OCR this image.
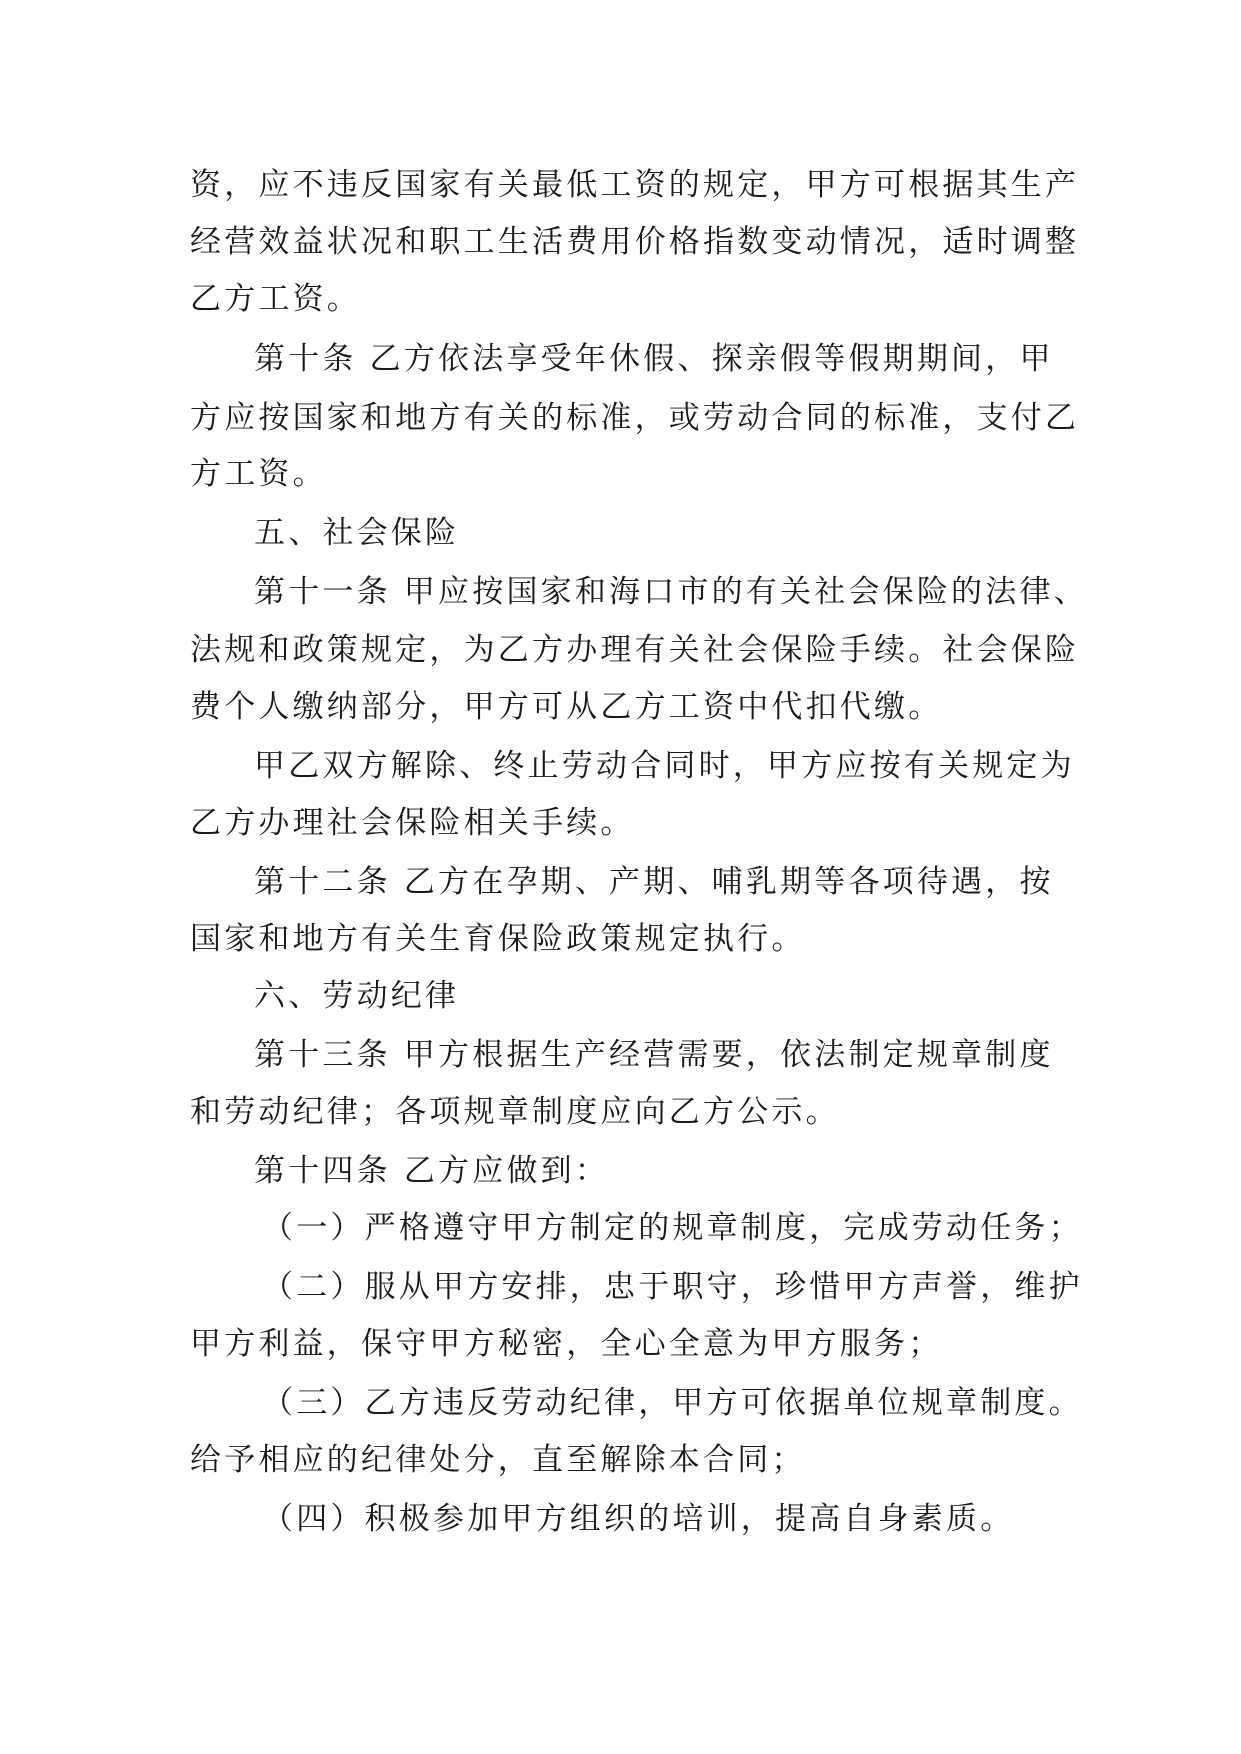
资，应不违反国家有关最低工资的规定，甲方可根据其生产
经营效益状况和职工生活费用价格指数变动情况，适时调整
乙方工资。
第十条 乙方依法享受年休假、探亲假等假期期间，甲
方应按国家和地方有关的标准，或劳动合同的标准，支付乙
方工资。
五、社会保险
第十一条 甲应按国家和海口市的有关社会保险的法律、
法规和政策规定，为乙方办理有关社会保险手续。社会保险
费个人缴纳部分，甲方可从乙方工资中代扣代缴。
甲乙双方解除、终止劳动合同时，甲方应按有关规定为
乙方办理社会保险相关手续。
第十二条 乙方在孕期、产期、哺乳期等各项待遇，按
国家和地方有关生育保险政策规定执行。
六、劳动纪律
第十三条 甲方根据生产经营需要，依法制定规章制度
和劳动纪律；各项规章制度应向乙方公示。
第十四条 乙方应做到：
（一）严格遵守甲方制定的规章制度，完成劳动任务；
（二）服从甲方安排，忠于职守，珍惜甲方声誉，维护
甲方利益，保守甲方秘密，全心全意为甲方服务；
（三）乙方违反劳动纪律，甲方可依据单位规章制度。
给予相应的纪律处分，直至解除本合同；
（四）积极参加甲方组织的培训，提高自身素质。
